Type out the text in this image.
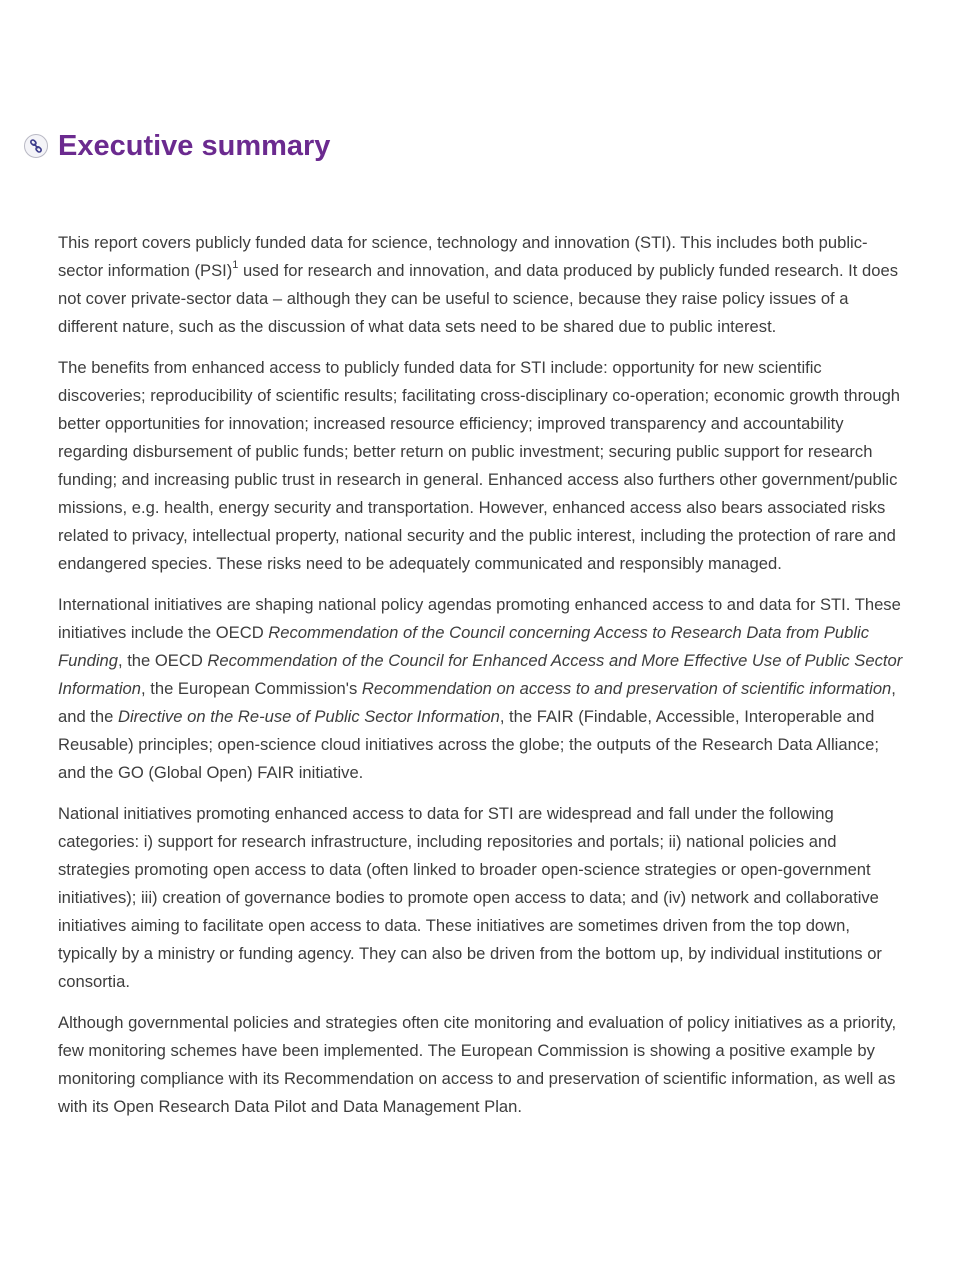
Executive summary

This report covers publicly funded data for science, technology and innovation (STI). This includes both public-sector information (PSI)$^1$ used for research and innovation, and data produced by publicly funded research. It does not cover private-sector data – although they can be useful to science, because they raise policy issues of a different nature, such as the discussion of what data sets need to be shared due to public interest.

The benefits from enhanced access to publicly funded data for STI include: opportunity for new scientific discoveries; reproducibility of scientific results; facilitating cross-disciplinary co-operation; economic growth through better opportunities for innovation; increased resource efficiency; improved transparency and accountability regarding disbursement of public funds; better return on public investment; securing public support for research funding; and increasing public trust in research in general. Enhanced access also furthers other government/public missions, e.g. health, energy security and transportation. However, enhanced access also bears associated risks related to privacy, intellectual property, national security and the public interest, including the protection of rare and endangered species. These risks need to be adequately communicated and responsibly managed.

International initiatives are shaping national policy agendas promoting enhanced access to and data for STI. These initiatives include the OECD Recommendation of the Council concerning Access to Research Data from Public Funding, the OECD Recommendation of the Council for Enhanced Access and More Effective Use of Public Sector Information, the European Commission's Recommendation on access to and preservation of scientific information, and the Directive on the Re-use of Public Sector Information, the FAIR (Findable, Accessible, Interoperable and Reusable) principles; open-science cloud initiatives across the globe; the outputs of the Research Data Alliance; and the GO (Global Open) FAIR initiative.

National initiatives promoting enhanced access to data for STI are widespread and fall under the following categories: i) support for research infrastructure, including repositories and portals; ii) national policies and strategies promoting open access to data (often linked to broader open-science strategies or open-government initiatives); iii) creation of governance bodies to promote open access to data; and (iv) network and collaborative initiatives aiming to facilitate open access to data. These initiatives are sometimes driven from the top down, typically by a ministry or funding agency. They can also be driven from the bottom up, by individual institutions or consortia.

Although governmental policies and strategies often cite monitoring and evaluation of policy initiatives as a priority, few monitoring schemes have been implemented. The European Commission is showing a positive example by monitoring compliance with its Recommendation on access to and preservation of scientific information, as well as with its Open Research Data Pilot and Data Management Plan.
